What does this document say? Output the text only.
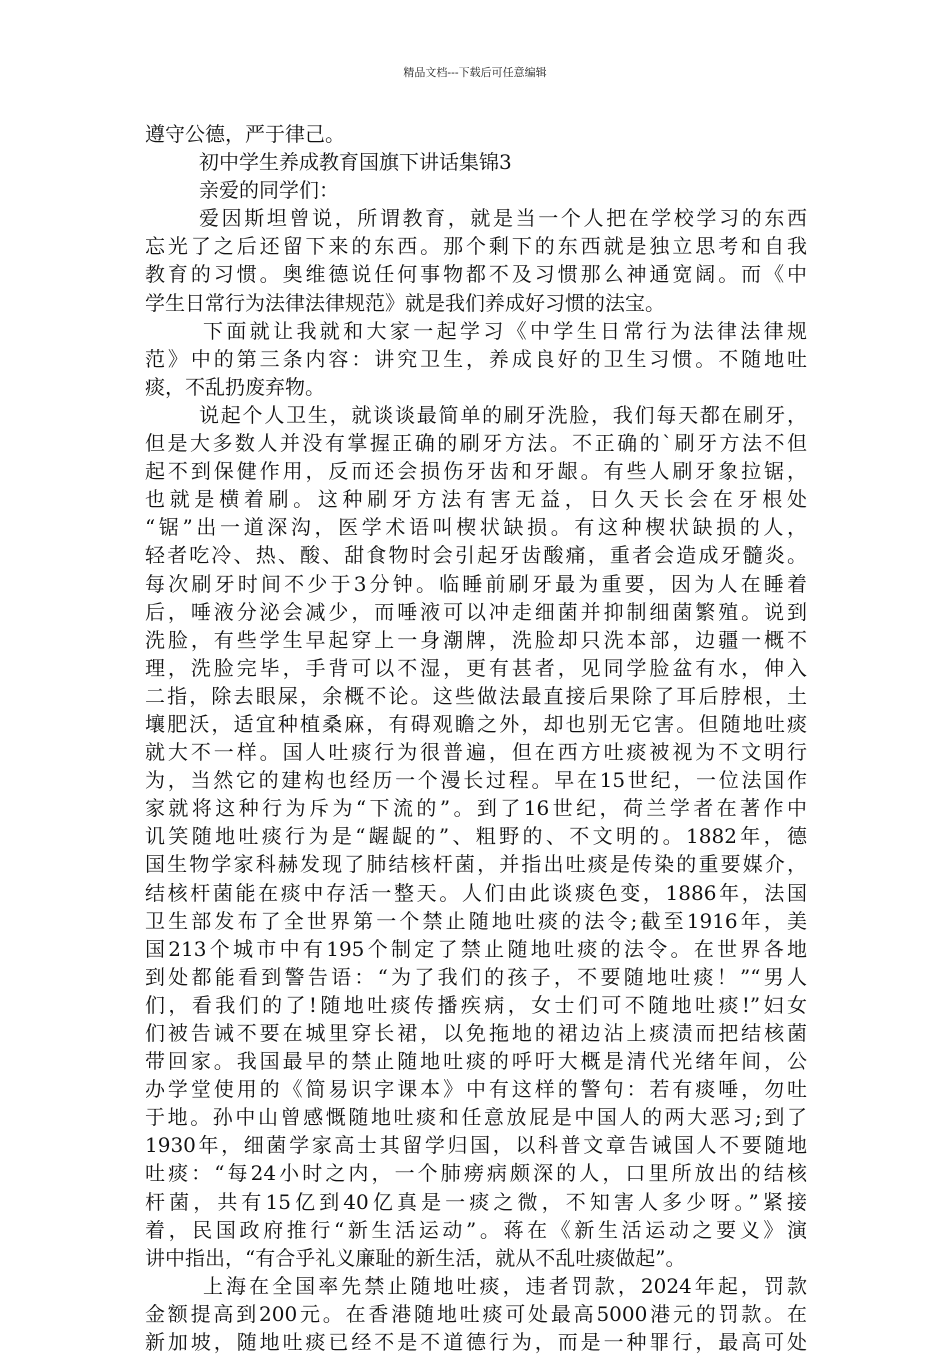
精品文档---下载后可任意编辑
遵守公德，严于律己。
初中学生养成教育国旗下讲话集锦3
亲爱的同学们：
爱因斯坦曾说，所谓教育，就是当一个人把在学校学习的东西
忘光了之后还留下来的东西。那个剩下的东西就是独立思考和自我
教育的习惯。奥维德说任何事物都不及习惯那么神通宽阔。而《中
学生日常行为法律法律规范》就是我们养成好习惯的法宝。
下面就让我就和大家一起学习《中学生日常行为法律法律规
范》中的第三条内容：讲究卫生，养成良好的卫生习惯。不随地吐
痰，不乱扔废弃物。
说起个人卫生，就谈谈最简单的刷牙洗脸，我们每天都在刷牙，
但是大多数人并没有掌握正确的刷牙方法。不正确的`刷牙方法不但
起不到保健作用，反而还会损伤牙齿和牙龈。有些人刷牙象拉锯，
也就是横着刷。这种刷牙方法有害无益，日久天长会在牙根处
“锯”出一道深沟，医学术语叫楔状缺损。有这种楔状缺损的人，
轻者吃冷、热、酸、甜食物时会引起牙齿酸痛，重者会造成牙髓炎。
每次刷牙时间不少于3分钟。临睡前刷牙最为重要，因为人在睡着
后，唾液分泌会减少，而唾液可以冲走细菌并抑制细菌繁殖。说到
洗脸，有些学生早起穿上一身潮牌，洗脸却只洗本部，边疆一概不
理，洗脸完毕，手背可以不湿，更有甚者，见同学脸盆有水，伸入
二指，除去眼屎，余概不论。这些做法最直接后果除了耳后脖根，土
壤肥沃，适宜种植桑麻，有碍观瞻之外，却也别无它害。但随地吐痰
就大不一样。国人吐痰行为很普遍，但在西方吐痰被视为不文明行
为，当然它的建构也经历一个漫长过程。早在15世纪，一位法国作
家就将这种行为斥为“下流的”。到了16世纪，荷兰学者在著作中
讥笑随地吐痰行为是“龌龊的”、粗野的、不文明的。1882年，德
国生物学家科赫发现了肺结核杆菌，并指出吐痰是传染的重要媒介，
结核杆菌能在痰中存活一整天。人们由此谈痰色变，1886年，法国
卫生部发布了全世界第一个禁止随地吐痰的法令;截至1916年，美
国213个城市中有195个制定了禁止随地吐痰的法令。在世界各地
到处都能看到警告语：“为了我们的孩子，不要随地吐痰！”“男人
们，看我们的了!随地吐痰传播疾病，女士们可不随地吐痰!”妇女
们被告诫不要在城里穿长裙，以免拖地的裙边沾上痰渍而把结核菌
带回家。我国最早的禁止随地吐痰的呼吁大概是清代光绪年间，公
办学堂使用的《简易识字课本》中有这样的警句：若有痰唾，勿吐
于地。孙中山曾感慨随地吐痰和任意放屁是中国人的两大恶习;到了
1930年，细菌学家高士其留学归国，以科普文章告诫国人不要随地
吐痰：“每24小时之内，一个肺痨病颇深的人，口里所放出的结核
杆菌，共有15亿到40亿真是一痰之微，不知害人多少呀。”紧接
着，民国政府推行“新生活运动”。蒋在《新生活运动之要义》演
讲中指出，“有合乎礼义廉耻的新生活，就从不乱吐痰做起”。
上海在全国率先禁止随地吐痰，违者罚款，2024年起，罚款
金额提高到200元。在香港随地吐痰可处最高5000港元的罚款。在
新加坡，随地吐痰已经不是不道德行为，而是一种罪行，最高可处
